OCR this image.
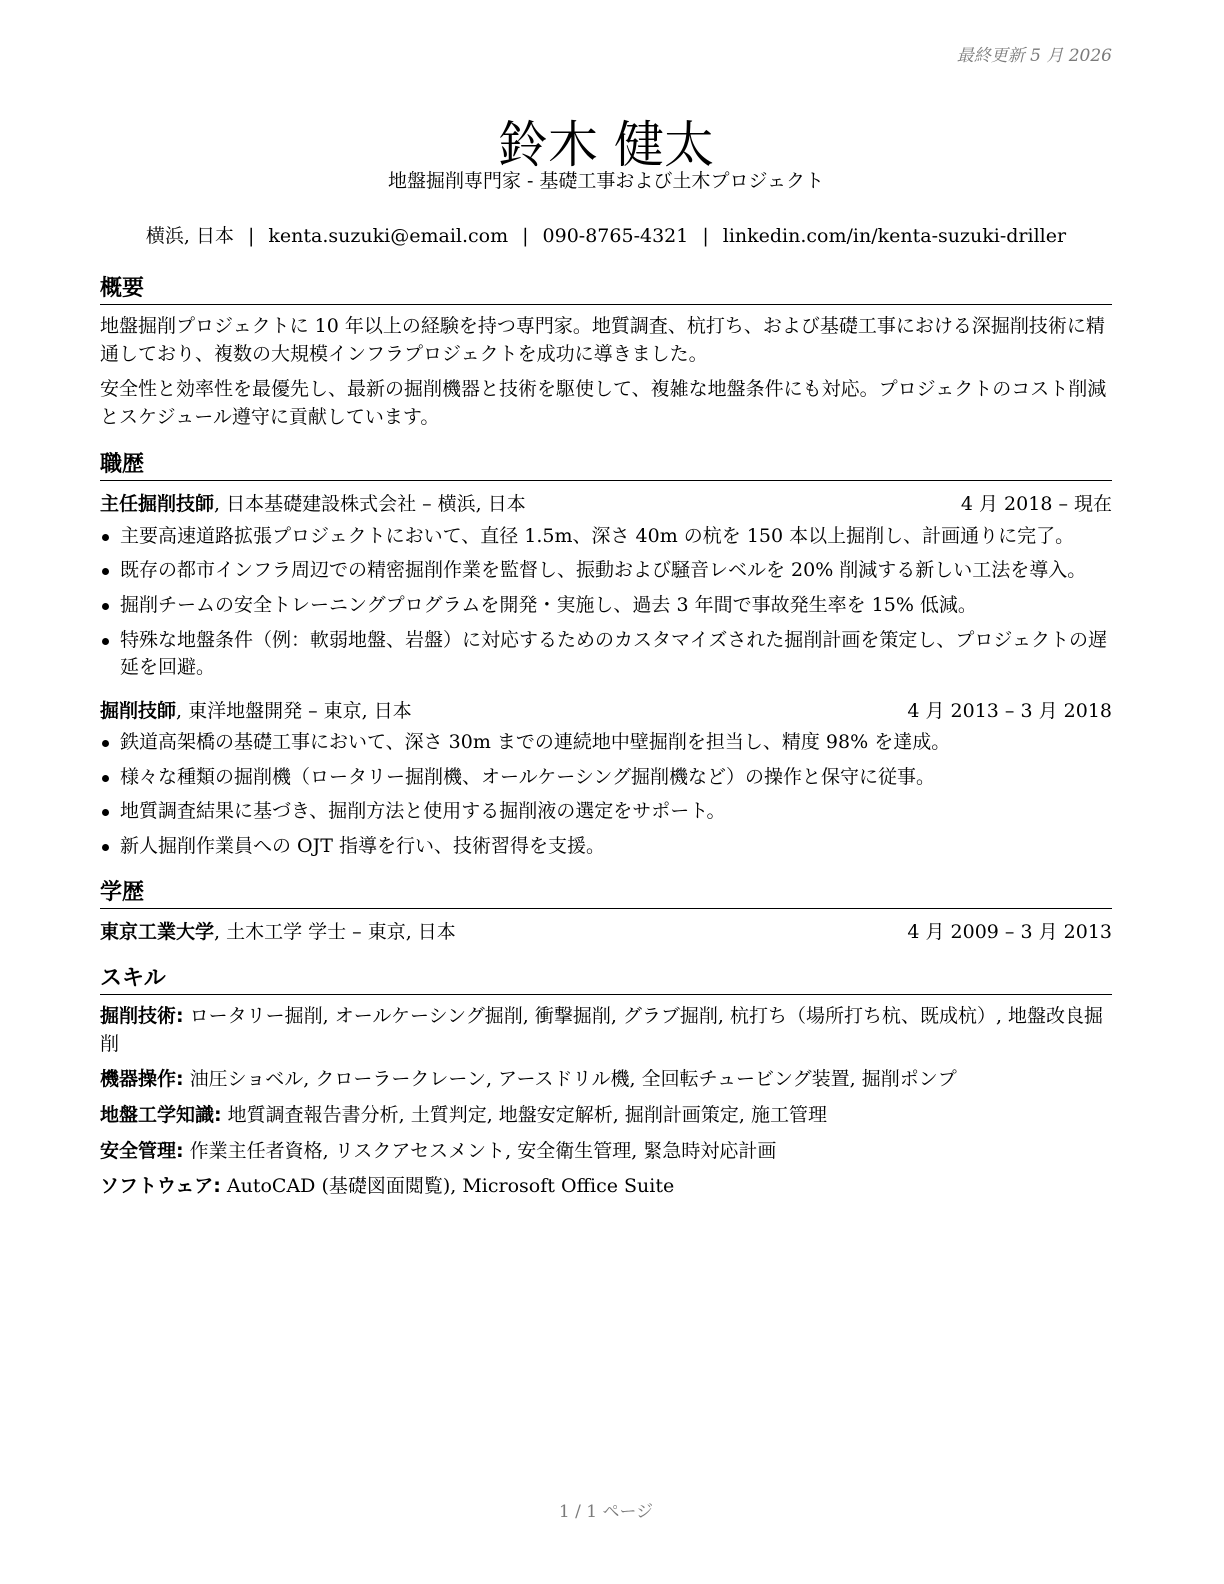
最終更新 5 月 2026
鈴木 健太
地盤掘削専門家 - 基礎工事および土木プロジェクト
横浜, 日本 | kenta.suzuki@email.com | 090-8765-4321 | linkedin.com/in/kenta-suzuki-driller
概要

地盤掘削プロジェクトに 10 年以上の経験を持つ専門家。地質調査、杭打ち、および基礎工事における深掘削技術に精通しており、複数の大規模インフラプロジェクトを成功に導きました。

安全性と効率性を最優先し、最新の掘削機器と技術を駆使して、複雑な地盤条件にも対応。プロジェクトのコスト削減とスケジュール遵守に貢献しています。

職歴
主任掘削技師, 日本基礎建設株式会社 – 横浜, 日本	4 月 2018 – 現在
主要高速道路拡張プロジェクトにおいて、直径 1.5m、深さ 40m の杭を 150 本以上掘削し、計画通りに完了。
既存の都市インフラ周辺での精密掘削作業を監督し、振動および騒音レベルを 20% 削減する新しい工法を導入。
掘削チームの安全トレーニングプログラムを開発・実施し、過去 3 年間で事故発生率を 15% 低減。
特殊な地盤条件（例：軟弱地盤、岩盤）に対応するためのカスタマイズされた掘削計画を策定し、プロジェクトの遅延を回避。
掘削技師, 東洋地盤開発 – 東京, 日本	4 月 2013 – 3 月 2018
鉄道高架橋の基礎工事において、深さ 30m までの連続地中壁掘削を担当し、精度 98% を達成。
様々な種類の掘削機（ロータリー掘削機、オールケーシング掘削機など）の操作と保守に従事。
地質調査結果に基づき、掘削方法と使用する掘削液の選定をサポート。
新人掘削作業員への OJT 指導を行い、技術習得を支援。
学歴
東京工業大学, 土木工学 学士 – 東京, 日本	4 月 2009 – 3 月 2013
スキル
掘削技術: ロータリー掘削, オールケーシング掘削, 衝撃掘削, グラブ掘削, 杭打ち（場所打ち杭、既成杭）, 地盤改良掘削
機器操作: 油圧ショベル, クローラークレーン, アースドリル機, 全回転チュービング装置, 掘削ポンプ
地盤工学知識: 地質調査報告書分析, 土質判定, 地盤安定解析, 掘削計画策定, 施工管理
安全管理: 作業主任者資格, リスクアセスメント, 安全衛生管理, 緊急時対応計画
ソフトウェア: AutoCAD (基礎図面閲覧), Microsoft Office Suite
1 / 1 ページ
